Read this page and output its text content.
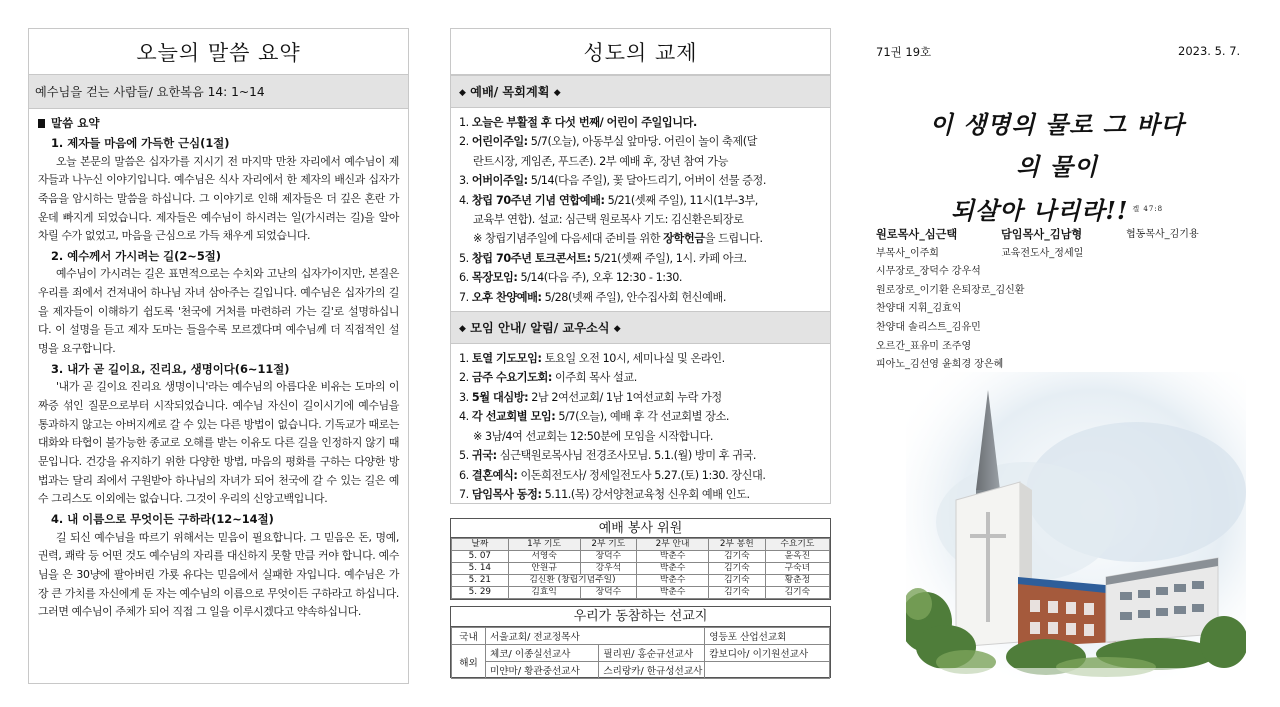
오늘의 말씀 요약
예수님을 걷는 사람들/ 요한복음 14: 1~14
말씀 요약
1. 제자들 마음에 가득한 근심(1절)
오늘 본문의 말씀은 십자가를 지시기 전 마지막 만찬 자리에서 예수님이 제자들과 나누신 이야기입니다. 예수님은 식사 자리에서 한 제자의 배신과 십자가 죽음을 암시하는 말씀을 하십니다. 그 이야기로 인해 제자들은 더 깊은 혼란 가운데 빠지게 되었습니다. 제자들은 예수님이 하시려는 일(가시려는 길)을 알아차릴 수가 없었고, 마음을 근심으로 가득 채우게 되었습니다.
2. 예수께서 가시려는 길(2~5절)
예수님이 가시려는 길은 표면적으로는 수치와 고난의 십자가이지만, 본질은 우리를 죄에서 건져내어 하나님 자녀 삼아주는 길입니다. 예수님은 십자가의 길을 제자들이 이해하기 쉽도록 '천국에 거처를 마련하러 가는 길'로 설명하십니다. 이 설명을 듣고 제자 도마는 들을수록 모르겠다며 예수님께 더 직접적인 설명을 요구합니다.
3. 내가 곧 길이요, 진리요, 생명이다(6~11절)
'내가 곧 길이요 진리요 생명이니'라는 예수님의 아름다운 비유는 도마의 이 짜증 섞인 질문으로부터 시작되었습니다. 예수님 자신이 길이시기에 예수님을 통과하지 않고는 아버지께로 갈 수 있는 다른 방법이 없습니다. 기독교가 때로는 대화와 타협이 불가능한 종교로 오해를 받는 이유도 다른 길을 인정하지 않기 때문입니다. 건강을 유지하기 위한 다양한 방법, 마음의 평화를 구하는 다양한 방법과는 달리 죄에서 구원받아 하나님의 자녀가 되어 천국에 갈 수 있는 길은 예수 그리스도 이외에는 없습니다. 그것이 우리의 신앙고백입니다.
4. 내 이름으로 무엇이든 구하라(12~14절)
길 되신 예수님을 따르기 위해서는 믿음이 필요합니다. 그 믿음은 돈, 명예, 권력, 쾌락 등 어떤 것도 예수님의 자리를 대신하지 못할 만큼 커야 합니다. 예수님을 은 30냥에 팔아버린 가룟 유다는 믿음에서 실패한 자입니다. 예수님은 가장 큰 가치를 자신에게 둔 자는 예수님의 이름으로 무엇이든 구하라고 하십니다. 그러면 예수님이 주체가 되어 직접 그 일을 이루시겠다고 약속하십니다.
성도의 교제
◆ 예배/ 목회계획 ◆
1. 오늘은 부활절 후 다섯 번째/ 어린이 주일입니다.
2. 어린이주일: 5/7(오늘), 아동부실 앞마당. 어린이 놀이 축제(달
란트시장, 게임존, 푸드존). 2부 예배 후, 장년 참여 가능
3. 어버이주일: 5/14(다음 주일), 꽃 달아드리기, 어버이 선물 증정.
4. 창립 70주년 기념 연합예배: 5/21(셋째 주일), 11시(1부-3부,
교육부 연합). 설교: 심근택 원로목사 기도: 김신환은퇴장로
※ 창립기념주일에 다음세대 준비를 위한 장학헌금을 드립니다.
5. 창립 70주년 토크콘서트: 5/21(셋째 주일), 1시. 카페 아크.
6. 목장모임: 5/14(다음 주), 오후 12:30 - 1:30.
7. 오후 찬양예배: 5/28(넷째 주일), 안수집사회 헌신예배.
◆ 모임 안내/ 알림/ 교우소식 ◆
1. 토열 기도모임: 토요일 오전 10시, 세미나실 및 온라인.
2. 금주 수요기도회: 이주희 목사 설교.
3. 5월 대심방: 2남 2여선교회/ 1남 1여선교회 누락 가정
4. 각 선교회별 모임: 5/7(오늘), 예배 후 각 선교회별 장소.
※ 3남/4여 선교회는 12:50분에 모임을 시작합니다.
5. 귀국: 심근택원로목사님 전경조사모님. 5.1.(월) 방미 후 귀국.
6. 결혼예식: 이돈희전도사/ 정세일전도사 5.27.(토) 1:30. 장신대.
7. 담임목사 동정: 5.11.(목) 강서양천교육청 신우회 예배 인도.
예배 봉사 위원
날짜	1부 기도	2부 기도	2부 안내	2부 봉헌	수요기도
5. 07	서영숙	장덕수	박춘수	김기숙	윤옥진
5. 14	안원규	강우석	박춘수	김기숙	구숙녀
5. 21	김신환 (창립기념주일)		박춘수	김기숙	황춘정
5. 29	김효익	장덕수	박춘수	김기숙	김기숙
우리가 동참하는 선교지
국내	서울교회/ 전교정목사		영등포 산업선교회
해외	체코/ 이종실선교사	필리핀/ 홍순규선교사	캄보디아/ 이기원선교사
	미얀마/ 황관중선교사	스리랑카/ 한규성선교사	
71권 19호	2023. 5. 7.
이 생명의 물로 그 바다의 물이
되살아 나리라!! $^{겔 47:8}$
원로목사_심근택	담임목사_김남형	협동목사_김기용
부목사_이주희	교육전도사_정세일
시무장로_장덕수 강우석
원로장로_이기환 은퇴장로_김신환
찬양대 지휘_김효익
찬양대 솔리스트_김유민
오르간_표유미 조주영
피아노_김선영 윤희경 장은혜
